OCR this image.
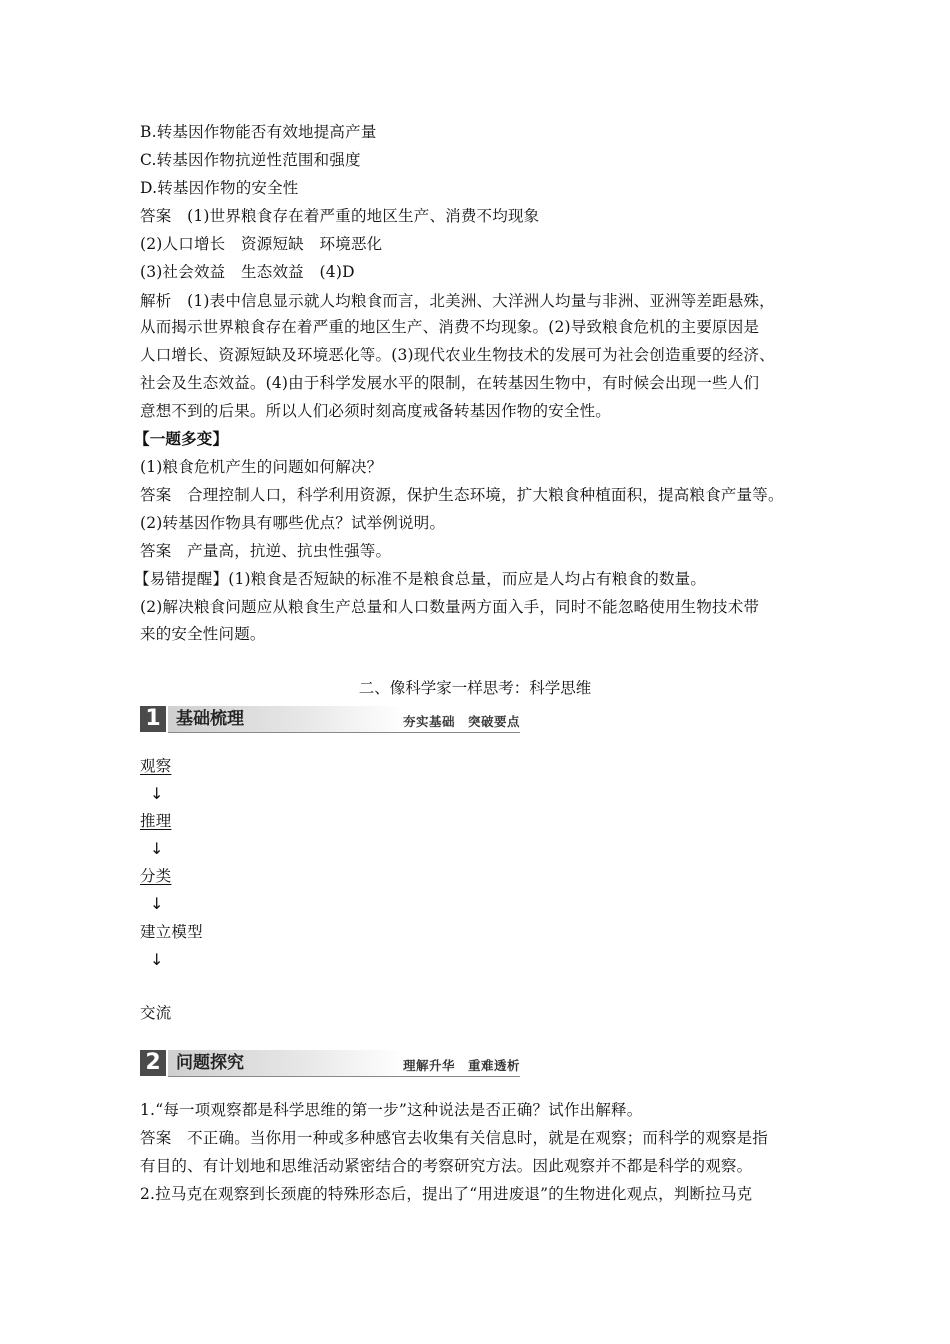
B.转基因作物能否有效地提高产量
C.转基因作物抗逆性范围和强度
D.转基因作物的安全性
答案　(1)世界粮食存在着严重的地区生产、消费不均现象
(2)人口增长　资源短缺　环境恶化
(3)社会效益　生态效益　(4)D
解析　(1)表中信息显示就人均粮食而言，北美洲、大洋洲人均量与非洲、亚洲等差距悬殊，
从而揭示世界粮食存在着严重的地区生产、消费不均现象。(2)导致粮食危机的主要原因是
人口增长、资源短缺及环境恶化等。(3)现代农业生物技术的发展可为社会创造重要的经济、
社会及生态效益。(4)由于科学发展水平的限制，在转基因生物中，有时候会出现一些人们
意想不到的后果。所以人们必须时刻高度戒备转基因作物的安全性。
【一题多变】
(1)粮食危机产生的问题如何解决？
答案　合理控制人口，科学利用资源，保护生态环境，扩大粮食种植面积，提高粮食产量等。
(2)转基因作物具有哪些优点？试举例说明。
答案　产量高，抗逆、抗虫性强等。
【易错提醒】(1)粮食是否短缺的标准不是粮食总量，而应是人均占有粮食的数量。
(2)解决粮食问题应从粮食生产总量和人口数量两方面入手，同时不能忽略使用生物技术带
来的安全性问题。
二、像科学家一样思考：科学思维
1 基础梳理	夯实基础　突破要点
观察
↓
推理
↓
分类
↓
建立模型
↓
交流
2 问题探究	理解升华　重难透析
1.“每一项观察都是科学思维的第一步”这种说法是否正确？试作出解释。
答案　不正确。当你用一种或多种感官去收集有关信息时，就是在观察；而科学的观察是指
有目的、有计划地和思维活动紧密结合的考察研究方法。因此观察并不都是科学的观察。
2.拉马克在观察到长颈鹿的特殊形态后，提出了“用进废退”的生物进化观点，判断拉马克
